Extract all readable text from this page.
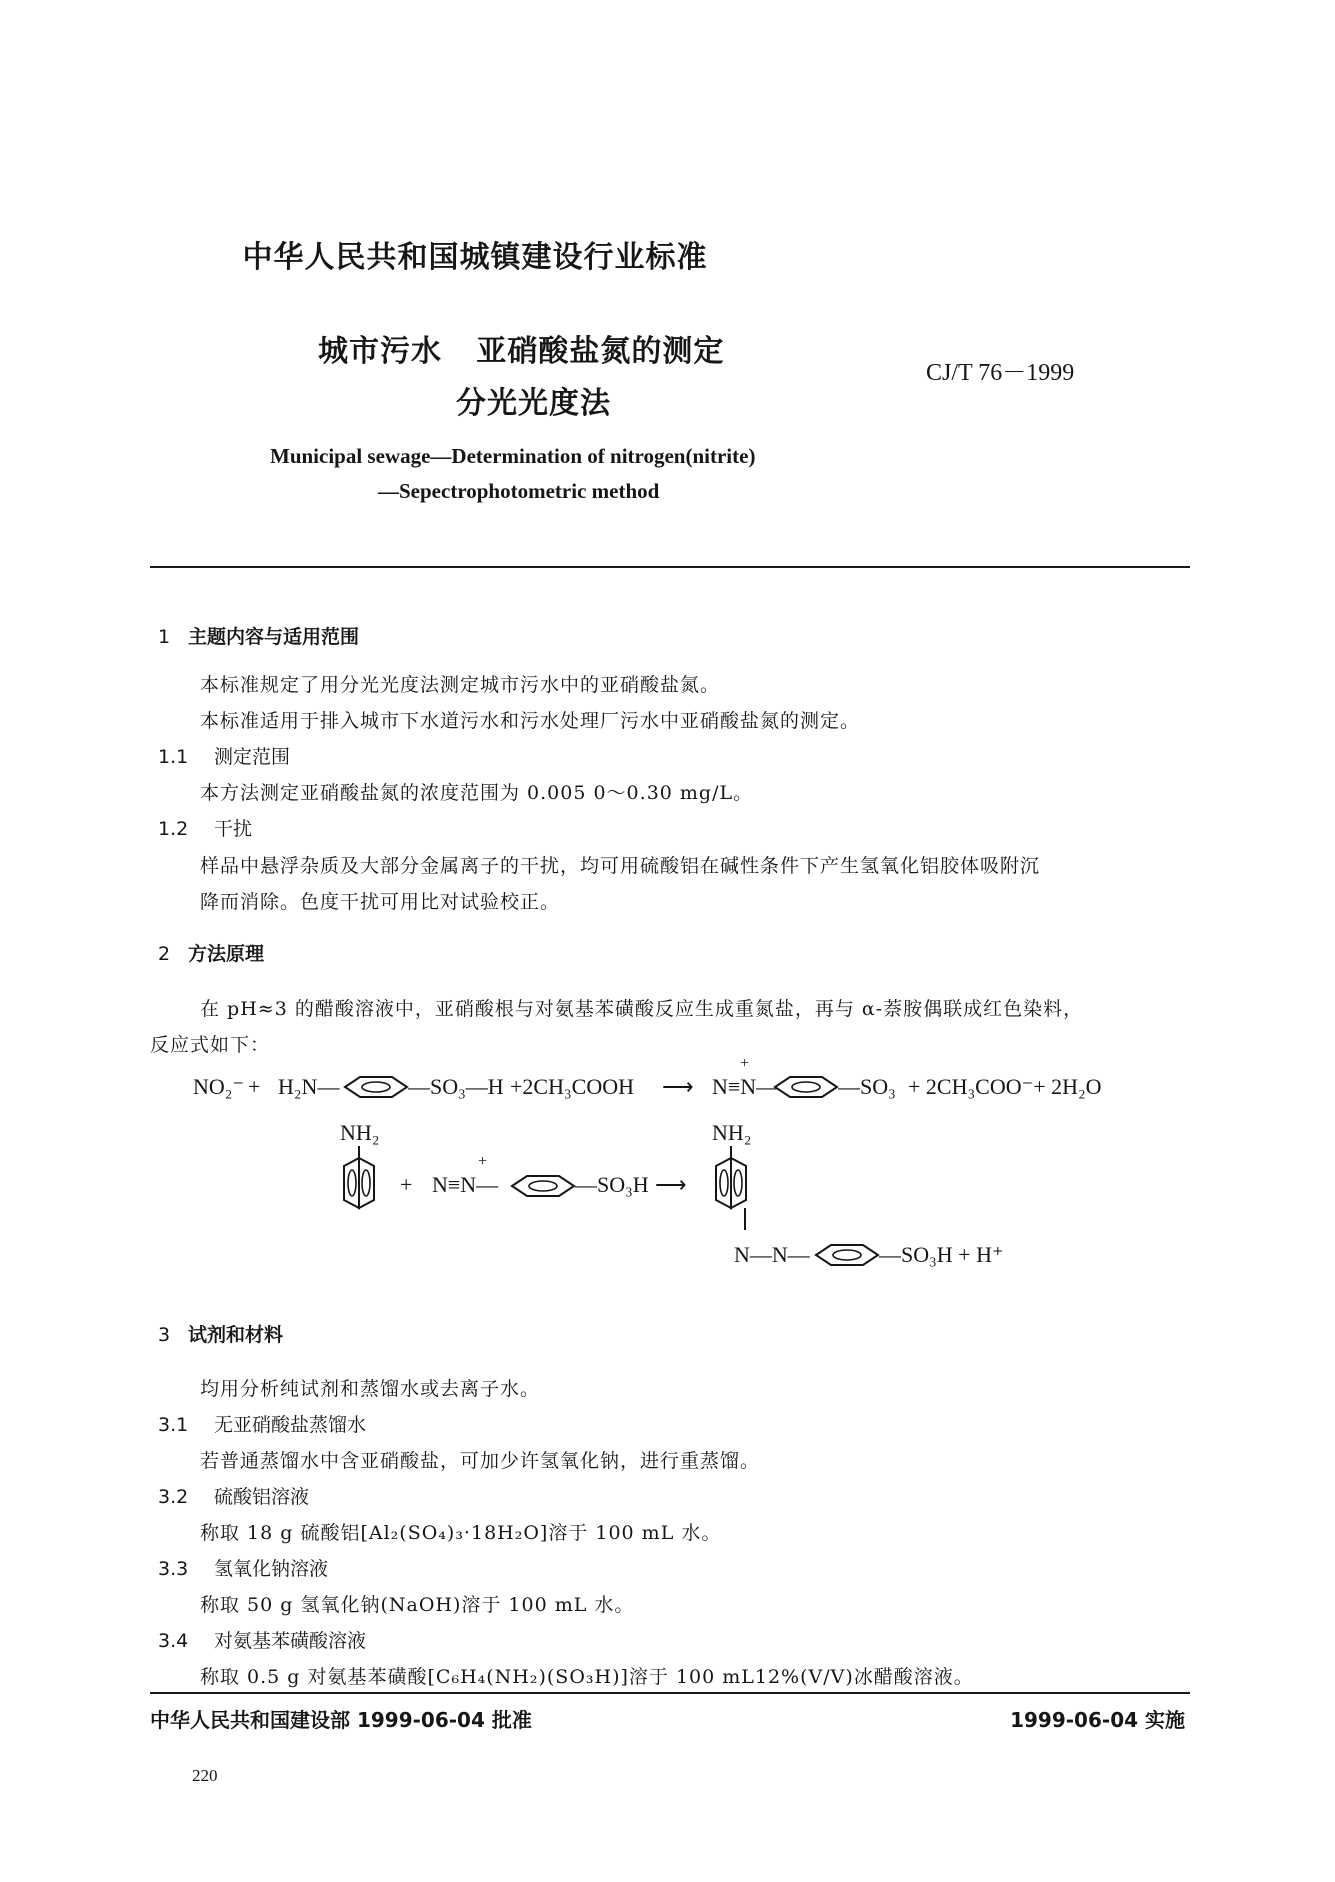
中华人民共和国城镇建设行业标准
城市污水   亚硝酸盐氮的测定
分光光度法
CJ/T 76－1999
Municipal sewage—Determination of nitrogen(nitrite)
—Sepectrophotometric method
1 主题内容与适用范围
本标准规定了用分光光度法测定城市污水中的亚硝酸盐氮。
本标准适用于排入城市下水道污水和污水处理厂污水中亚硝酸盐氮的测定。
1.1 测定范围
本方法测定亚硝酸盐氮的浓度范围为 0.005 0～0.30 mg/L。
1.2 干扰
样品中悬浮杂质及大部分金属离子的干扰，均可用硫酸铝在碱性条件下产生氢氧化铝胶体吸附沉
降而消除。色度干扰可用比对试验校正。
2 方法原理
在 pH≈3 的醋酸溶液中，亚硝酸根与对氨基苯磺酸反应生成重氮盐，再与 α-萘胺偶联成红色染料，
反应式如下：
NO₂⁻ + H₂N—	—SO₃—H +2CH₃COOH ⟶ N≡N—
+
—SO₃ + 2CH₃COO⁻+ 2H₂O
NH₂
+ N≡N—
+
—SO₃H ⟶
NH₂
N—N—	—SO₃H + H⁺
3 试剂和材料
均用分析纯试剂和蒸馏水或去离子水。
3.1 无亚硝酸盐蒸馏水
若普通蒸馏水中含亚硝酸盐，可加少许氢氧化钠，进行重蒸馏。
3.2 硫酸铝溶液
称取 18 g 硫酸铝[Al₂(SO₄)₃·18H₂O]溶于 100 mL 水。
3.3 氢氧化钠溶液
称取 50 g 氢氧化钠(NaOH)溶于 100 mL 水。
3.4 对氨基苯磺酸溶液
称取 0.5 g 对氨基苯磺酸[C₆H₄(NH₂)(SO₃H)]溶于 100 mL12%(V/V)冰醋酸溶液。
中华人民共和国建设部 1999-06-04 批准	1999-06-04 实施
220
